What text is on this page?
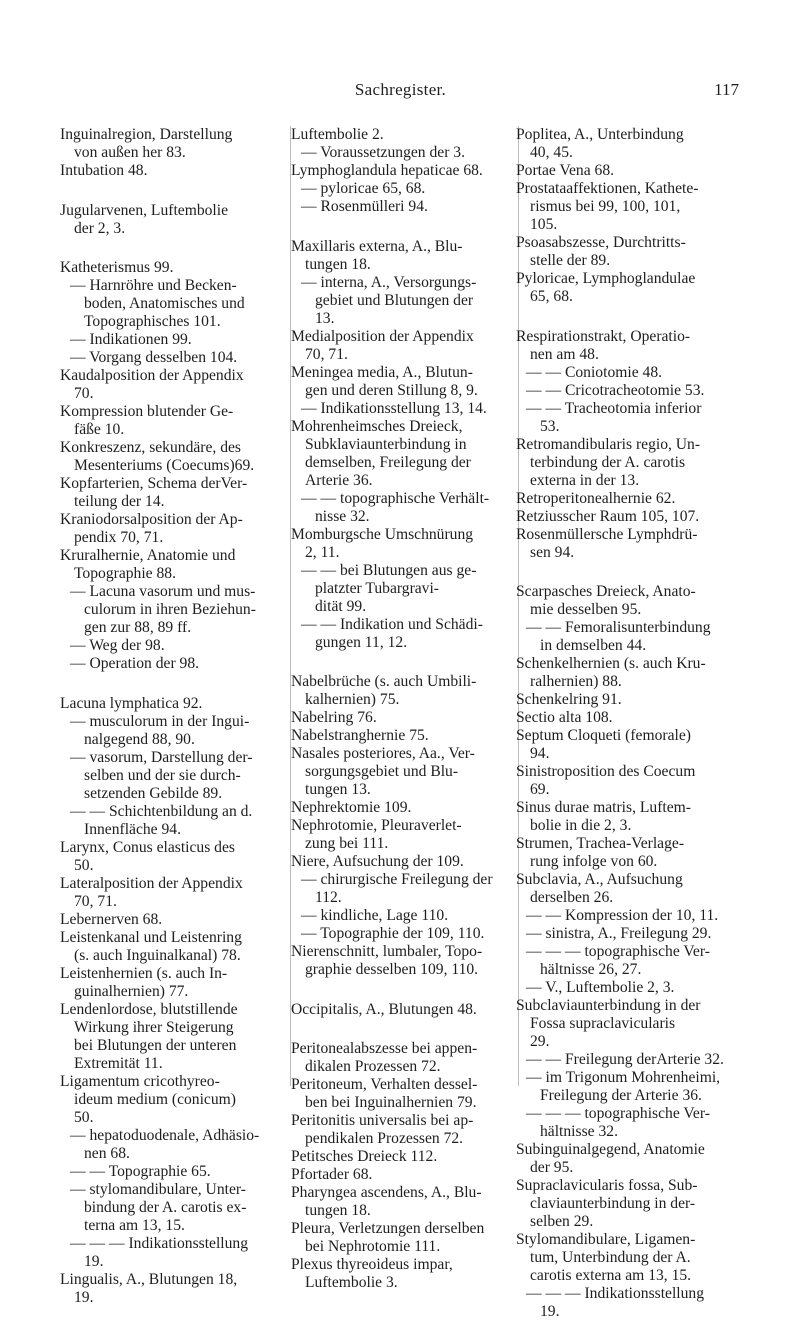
Sachregister.	117
Inguinalregion, Darstellung
von außen her 83.
Intubation 48.
Jugularvenen, Luftembolie
der 2, 3.
Katheterismus 99.
— Harnröhre und Becken-
boden, Anatomisches und
Topographisches 101.
— Indikationen 99.
— Vorgang desselben 104.
Kaudalposition der Appendix
70.
Kompression blutender Ge-
fäße 10.
Konkreszenz, sekundäre, des
Mesenteriums (Coecums)69.
Kopfarterien, Schema derVer-
teilung der 14.
Kraniodorsalposition der Ap-
pendix 70, 71.
Kruralhernie, Anatomie und
Topographie 88.
— Lacuna vasorum und mus-
culorum in ihren Beziehun-
gen zur 88, 89 ff.
— Weg der 98.
— Operation der 98.
Lacuna lymphatica 92.
— musculorum in der Ingui-
nalgegend 88, 90.
— vasorum, Darstellung der-
selben und der sie durch-
setzenden Gebilde 89.
— — Schichtenbildung an d.
Innenfläche 94.
Larynx, Conus elasticus des
50.
Lateralposition der Appendix
70, 71.
Lebernerven 68.
Leistenkanal und Leistenring
(s. auch Inguinalkanal) 78.
Leistenhernien (s. auch In-
guinalhernien) 77.
Lendenlordose, blutstillende
Wirkung ihrer Steigerung
bei Blutungen der unteren
Extremität 11.
Ligamentum cricothyreo-
ideum medium (conicum)
50.
— hepatoduodenale, Adhäsio-
nen 68.
— — Topographie 65.
— stylomandibulare, Unter-
bindung der A. carotis ex-
terna am 13, 15.
— — — Indikationsstellung
19.
Lingualis, A., Blutungen 18,
19.
Luftembolie 2.
— Voraussetzungen der 3.
Lymphoglandula hepaticae 68.
— pyloricae 65, 68.
— Rosenmülleri 94.
Maxillaris externa, A., Blu-
tungen 18.
— interna, A., Versorgungs-
gebiet und Blutungen der
13.
Medialposition der Appendix
70, 71.
Meningea media, A., Blutun-
gen und deren Stillung 8, 9.
— Indikationsstellung 13, 14.
Mohrenheimsches Dreieck,
Subklaviaunterbindung in
demselben, Freilegung der
Arterie 36.
— — topographische Verhält-
nisse 32.
Momburgsche Umschnürung
2, 11.
— — bei Blutungen aus ge-
platzter Tubargravi-
dität 99.
— — Indikation und Schädi-
gungen 11, 12.
Nabelbrüche (s. auch Umbili-
kalhernien) 75.
Nabelring 76.
Nabelstranghernie 75.
Nasales posteriores, Aa., Ver-
sorgungsgebiet und Blu-
tungen 13.
Nephrektomie 109.
Nephrotomie, Pleuraverlet-
zung bei 111.
Niere, Aufsuchung der 109.
— chirurgische Freilegung der
112.
— kindliche, Lage 110.
— Topographie der 109, 110.
Nierenschnitt, lumbaler, Topo-
graphie desselben 109, 110.
Occipitalis, A., Blutungen 48.
Peritonealabszesse bei appen-
dikalen Prozessen 72.
Peritoneum, Verhalten dessel-
ben bei Inguinalhernien 79.
Peritonitis universalis bei ap-
pendikalen Prozessen 72.
Petitsches Dreieck 112.
Pfortader 68.
Pharyngea ascendens, A., Blu-
tungen 18.
Pleura, Verletzungen derselben
bei Nephrotomie 111.
Plexus thyreoideus impar,
Luftembolie 3.
Poplitea, A., Unterbindung
40, 45.
Portae Vena 68.
Prostataaffektionen, Kathete-
rismus bei 99, 100, 101,
105.
Psoasabszesse, Durchtritts-
stelle der 89.
Pyloricae, Lymphoglandulae
65, 68.
Respirationstrakt, Operatio-
nen am 48.
— — Coniotomie 48.
— — Cricotracheotomie 53.
— — Tracheotomia inferior
53.
Retromandibularis regio, Un-
terbindung der A. carotis
externa in der 13.
Retroperitonealhernie 62.
Retziusscher Raum 105, 107.
Rosenmüllersche Lymphdrü-
sen 94.
Scarpasches Dreieck, Anato-
mie desselben 95.
— — Femoralisunterbindung
in demselben 44.
Schenkelhernien (s. auch Kru-
ralhernien) 88.
Schenkelring 91.
Sectio alta 108.
Septum Cloqueti (femorale)
94.
Sinistroposition des Coecum
69.
Sinus durae matris, Luftem-
bolie in die 2, 3.
Strumen, Trachea-Verlage-
rung infolge von 60.
Subclavia, A., Aufsuchung
derselben 26.
— — Kompression der 10, 11.
— sinistra, A., Freilegung 29.
— — — topographische Ver-
hältnisse 26, 27.
— V., Luftembolie 2, 3.
Subclaviaunterbindung in der
Fossa supraclavicularis
29.
— — Freilegung derArterie 32.
— im Trigonum Mohrenheimi,
Freilegung der Arterie 36.
— — — topographische Ver-
hältnisse 32.
Subinguinalgegend, Anatomie
der 95.
Supraclavicularis fossa, Sub-
claviaunterbindung in der-
selben 29.
Stylomandibulare, Ligamen-
tum, Unterbindung der A.
carotis externa am 13, 15.
— — — Indikationsstellung
19.
